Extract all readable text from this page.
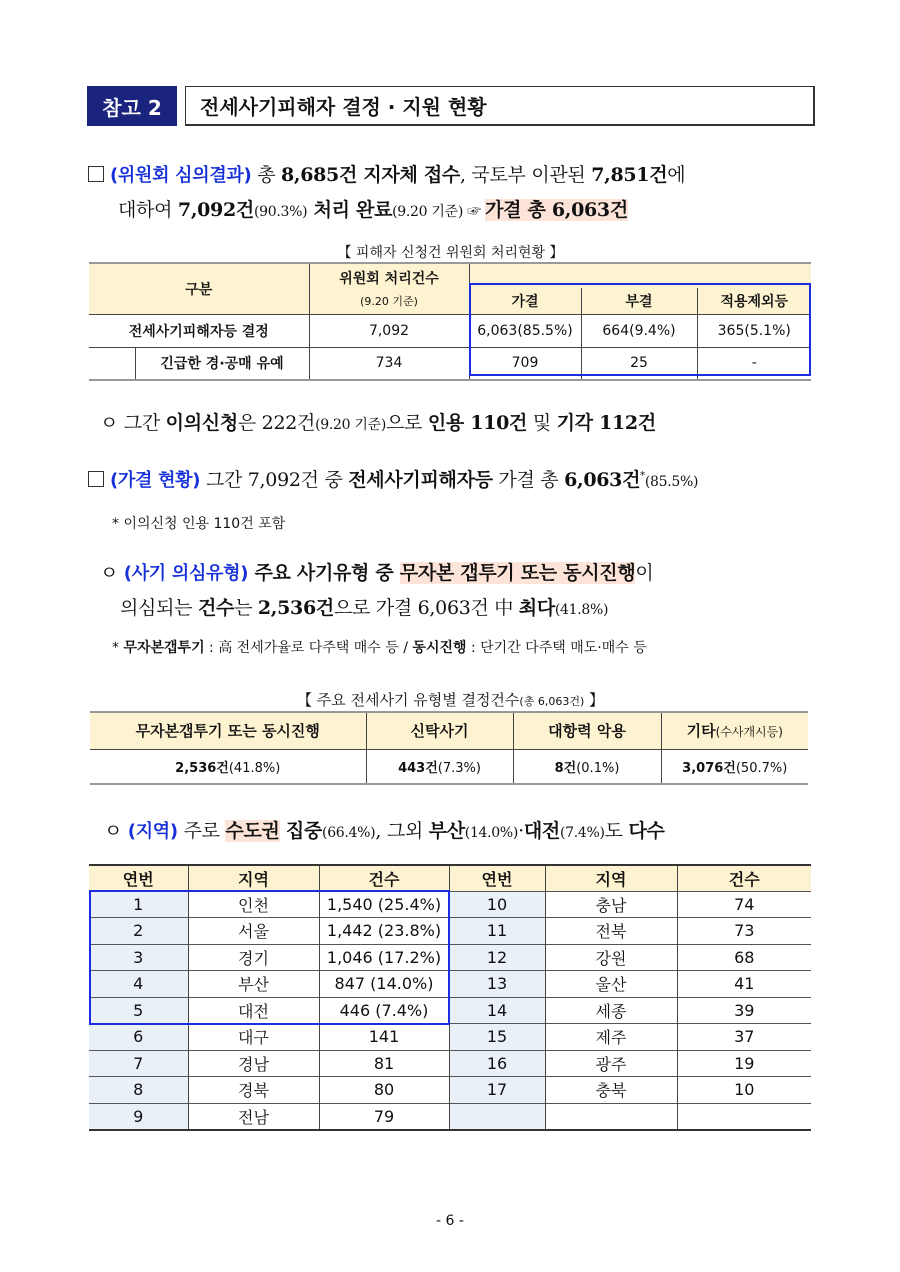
참고 2	전세사기피해자 결정 · 지원 현황
(위원회 심의결과) 총 8,685건 지자체 접수, 국토부 이관된 7,851건에
대하여 7,092건(90.3%) 처리 완료(9.20 기준) ☞ 가결 총 6,063건
【 피해자 신청건 위원회 처리현황 】
구분		위원회 처리건수			
		(9.20 기준)	가결	부결	적용제외등
전세사기피해자등 결정		7,092	6,063(85.5%)	664(9.4%)	365(5.1%)
	긴급한 경·공매 유예	734	709	25	-
ㅇ 그간 이의신청은 222건(9.20 기준)으로 인용 110건 및 기각 112건
(가결 현황) 그간 7,092건 중 전세사기피해자등 가결 총 6,063건*(85.5%)
* 이의신청 인용 110건 포함
ㅇ (사기 의심유형) 주요 사기유형 중 무자본 갭투기 또는 동시진행이
의심되는 건수는 2,536건으로 가결 6,063건 中 최다(41.8%)
* 무자본갭투기 : 高 전세가율로 다주택 매수 등 / 동시진행 : 단기간 다주택 매도·매수 등
【 주요 전세사기 유형별 결정건수(총 6,063건) 】
무자본갭투기 또는 동시진행	신탁사기	대항력 악용	기타(수사개시등)
2,536건(41.8%)	443건(7.3%)	8건(0.1%)	3,076건(50.7%)
ㅇ (지역) 주로 수도권 집중(66.4%), 그외 부산(14.0%)·대전(7.4%)도 다수
연번	지역	건수	연번	지역	건수
1	인천	1,540 (25.4%)	10	충남	74
2	서울	1,442 (23.8%)	11	전북	73
3	경기	1,046 (17.2%)	12	강원	68
4	부산	847 (14.0%)	13	울산	41
5	대전	446 (7.4%)	14	세종	39
6	대구	141	15	제주	37
7	경남	81	16	광주	19
8	경북	80	17	충북	10
9	전남	79			
- 6 -
